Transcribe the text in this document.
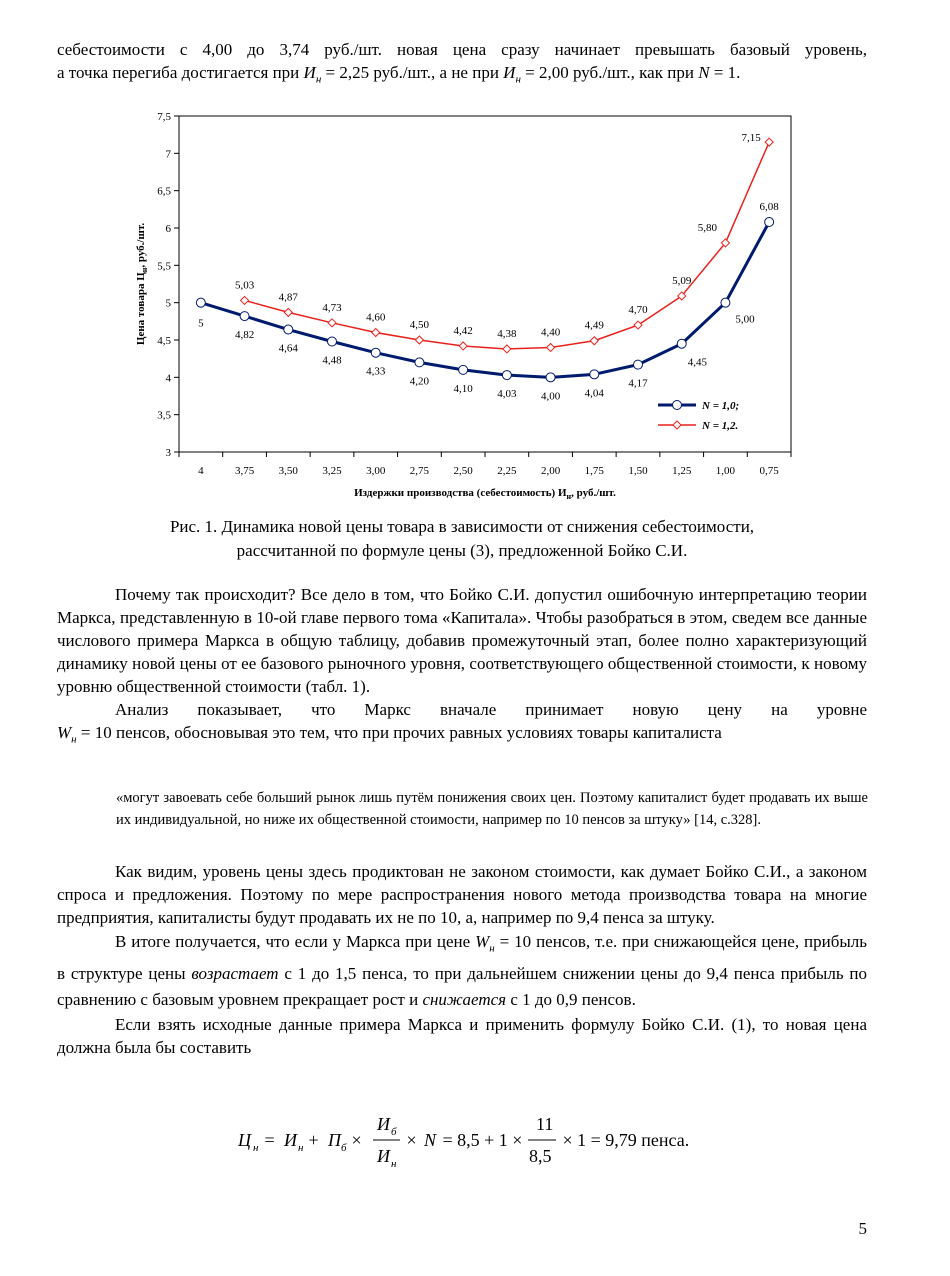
себестоимости с 4,00 до 3,74 руб./шт. новая цена сразу начинает превышать базовый уровень,

а точка перегиба достигается при $И_н = 2,25$ руб./шт., а не при $И_н = 2,00$ руб./шт., как при N = 1.

3
3,5
4
4,5
5
5,5
6
6,5
7
7,5
4	3,75 3,50 3,25 3,00 2,75 2,50 2,25 2,00 1,75 1,50 1,25 1,00 0,75
Цена товара $Ц_н$, руб./шт.
Издержки производства (себестоимость) $И_н$, руб./шт.
5
4,82
4,64
4,48
4,33
4,20
4,10 4,03 4,00 4,04
4,17
4,45
5,00
6,08
5,03
4,87
4,73
4,60
4,50 4,42 4,38 4,40
4,49
4,70
5,09
5,80
7,15
N = 1,0;
N = 1,2.
Рис. 1. Динамика новой цены товара в зависимости от снижения себестоимости,
рассчитанной по формуле цены (3), предложенной Бойко С.И.

Почему так происходит? Все дело в том, что Бойко С.И. допустил ошибочную интерпретацию теории Маркса, представленную в 10-ой главе первого тома «Капитала». Чтобы разобраться в этом, сведем все данные числового примера Маркса в общую таблицу, добавив промежуточный этап, более полно характеризующий динамику новой цены от ее базового рыночного уровня, соответствующего общественной стоимости, к новому уровню общественной стоимости (табл. 1).

Анализ показывает, что Маркс вначале принимает новую цену на уровне

$W_н = 10$ пенсов, обосновывая это тем, что при прочих равных условиях товары капиталиста

«могут завоевать себе больший рынок лишь путём понижения своих цен. Поэтому капиталист будет продавать их выше их индивидуальной, но ниже их общественной стоимости, например по 10 пенсов за штуку» [14, с.328].

Как видим, уровень цены здесь продиктован не законом стоимости, как думает Бойко С.И., а законом спроса и предложения. Поэтому по мере распространения нового метода производства товара на многие предприятия, капиталисты будут продавать их не по 10, а, например по 9,4 пенса за штуку.

В итоге получается, что если у Маркса при цене $W_н = 10$ пенсов, т.е. при снижающейся цене, прибыль в структуре цены возрастает с 1 до 1,5 пенса, то при дальнейшем снижении цены до 9,4 пенса прибыль по сравнению с базовым уровнем прекращает рост и снижается с 1 до 0,9 пенсов.

Если взять исходные данные примера Маркса и применить формулу Бойко С.И. (1), то новая цена должна была бы составить

Ц н = И н + П б ×
И б
И н
× N = 8,5 + 1 ×
11
8,5
× 1 = 9,79 пенса.
5
